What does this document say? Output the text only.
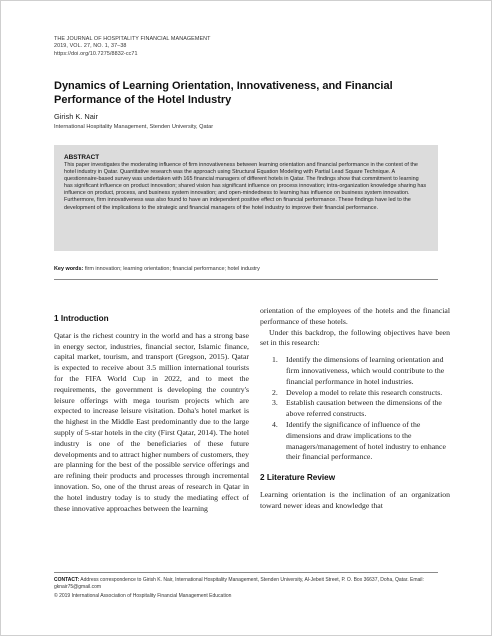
THE JOURNAL OF HOSPITALITY FINANCIAL MANAGEMENT
2019, VOL. 27, NO. 1, 37–38
https://doi.org/10.7275/8832-cc71
Dynamics of Learning Orientation, Innovativeness, and Financial Performance of the Hotel Industry
Girish K. Nair
International Hospitality Management, Stenden University, Qatar
ABSTRACT
This paper investigates the moderating influence of firm innovativeness between learning orientation and financial performance in the context of the hotel industry in Qatar. Quantitative research was the approach using Structural Equation Modeling with Partial Lead Square Technique. A questionnaire-based survey was undertaken with 165 financial managers of different hotels in Qatar. The findings show that commitment to learning has significant influence on product innovation; shared vision has significant influence on process innovation; intra-organization knowledge sharing has influence on product, process, and business system innovation; and open-mindedness to learning has influence on business system innovation. Furthermore, firm innovativeness was also found to have an independent positive effect on financial performance. These findings have led to the development of the implications to the strategic and financial managers of the hotel industry to improve their financial performance.
Key words: firm innovation; learning orientation; financial performance; hotel industry
1 Introduction

Qatar is the richest country in the world and has a strong base in energy sector, industries, financial sector, Islamic finance, capital market, tourism, and transport (Gregson, 2015). Qatar is expected to receive about 3.5 million international tourists for the FIFA World Cup in 2022, and to meet the requirements, the government is developing the country's leisure offerings with mega tourism projects which are expected to increase leisure visitation. Doha's hotel market is the highest in the Middle East predominantly due to the large supply of 5-star hotels in the city (First Qatar, 2014). The hotel industry is one of the beneficiaries of these future developments and to attract higher numbers of customers, they are planning for the best of the possible service offerings and are refining their products and processes through incremental innovation. So, one of the thrust areas of research in Qatar in the hotel industry today is to study the mediating effect of these innovative approaches between the learning

orientation of the employees of the hotels and the financial performance of these hotels.

Under this backdrop, the following objectives have been set in this research:

1. Identify the dimensions of learning orientation and firm innovativeness, which would contribute to the financial performance in hotel industries.
2. Develop a model to relate this research constructs.
3. Establish causation between the dimensions of the above referred constructs.
4. Identify the significance of influence of the dimensions and draw implications to the managers/management of hotel industry to enhance their financial performance.
2 Literature Review

Learning orientation is the inclination of an organization toward newer ideas and knowledge that

CONTACT: Address correspondence to Girish K. Nair, International Hospitality Management, Stenden University, Al-Jebeit Street, P. O. Box 36637, Doha, Qatar. Email: gknair75@gmail.com
© 2019 International Association of Hospitality Financial Management Education
